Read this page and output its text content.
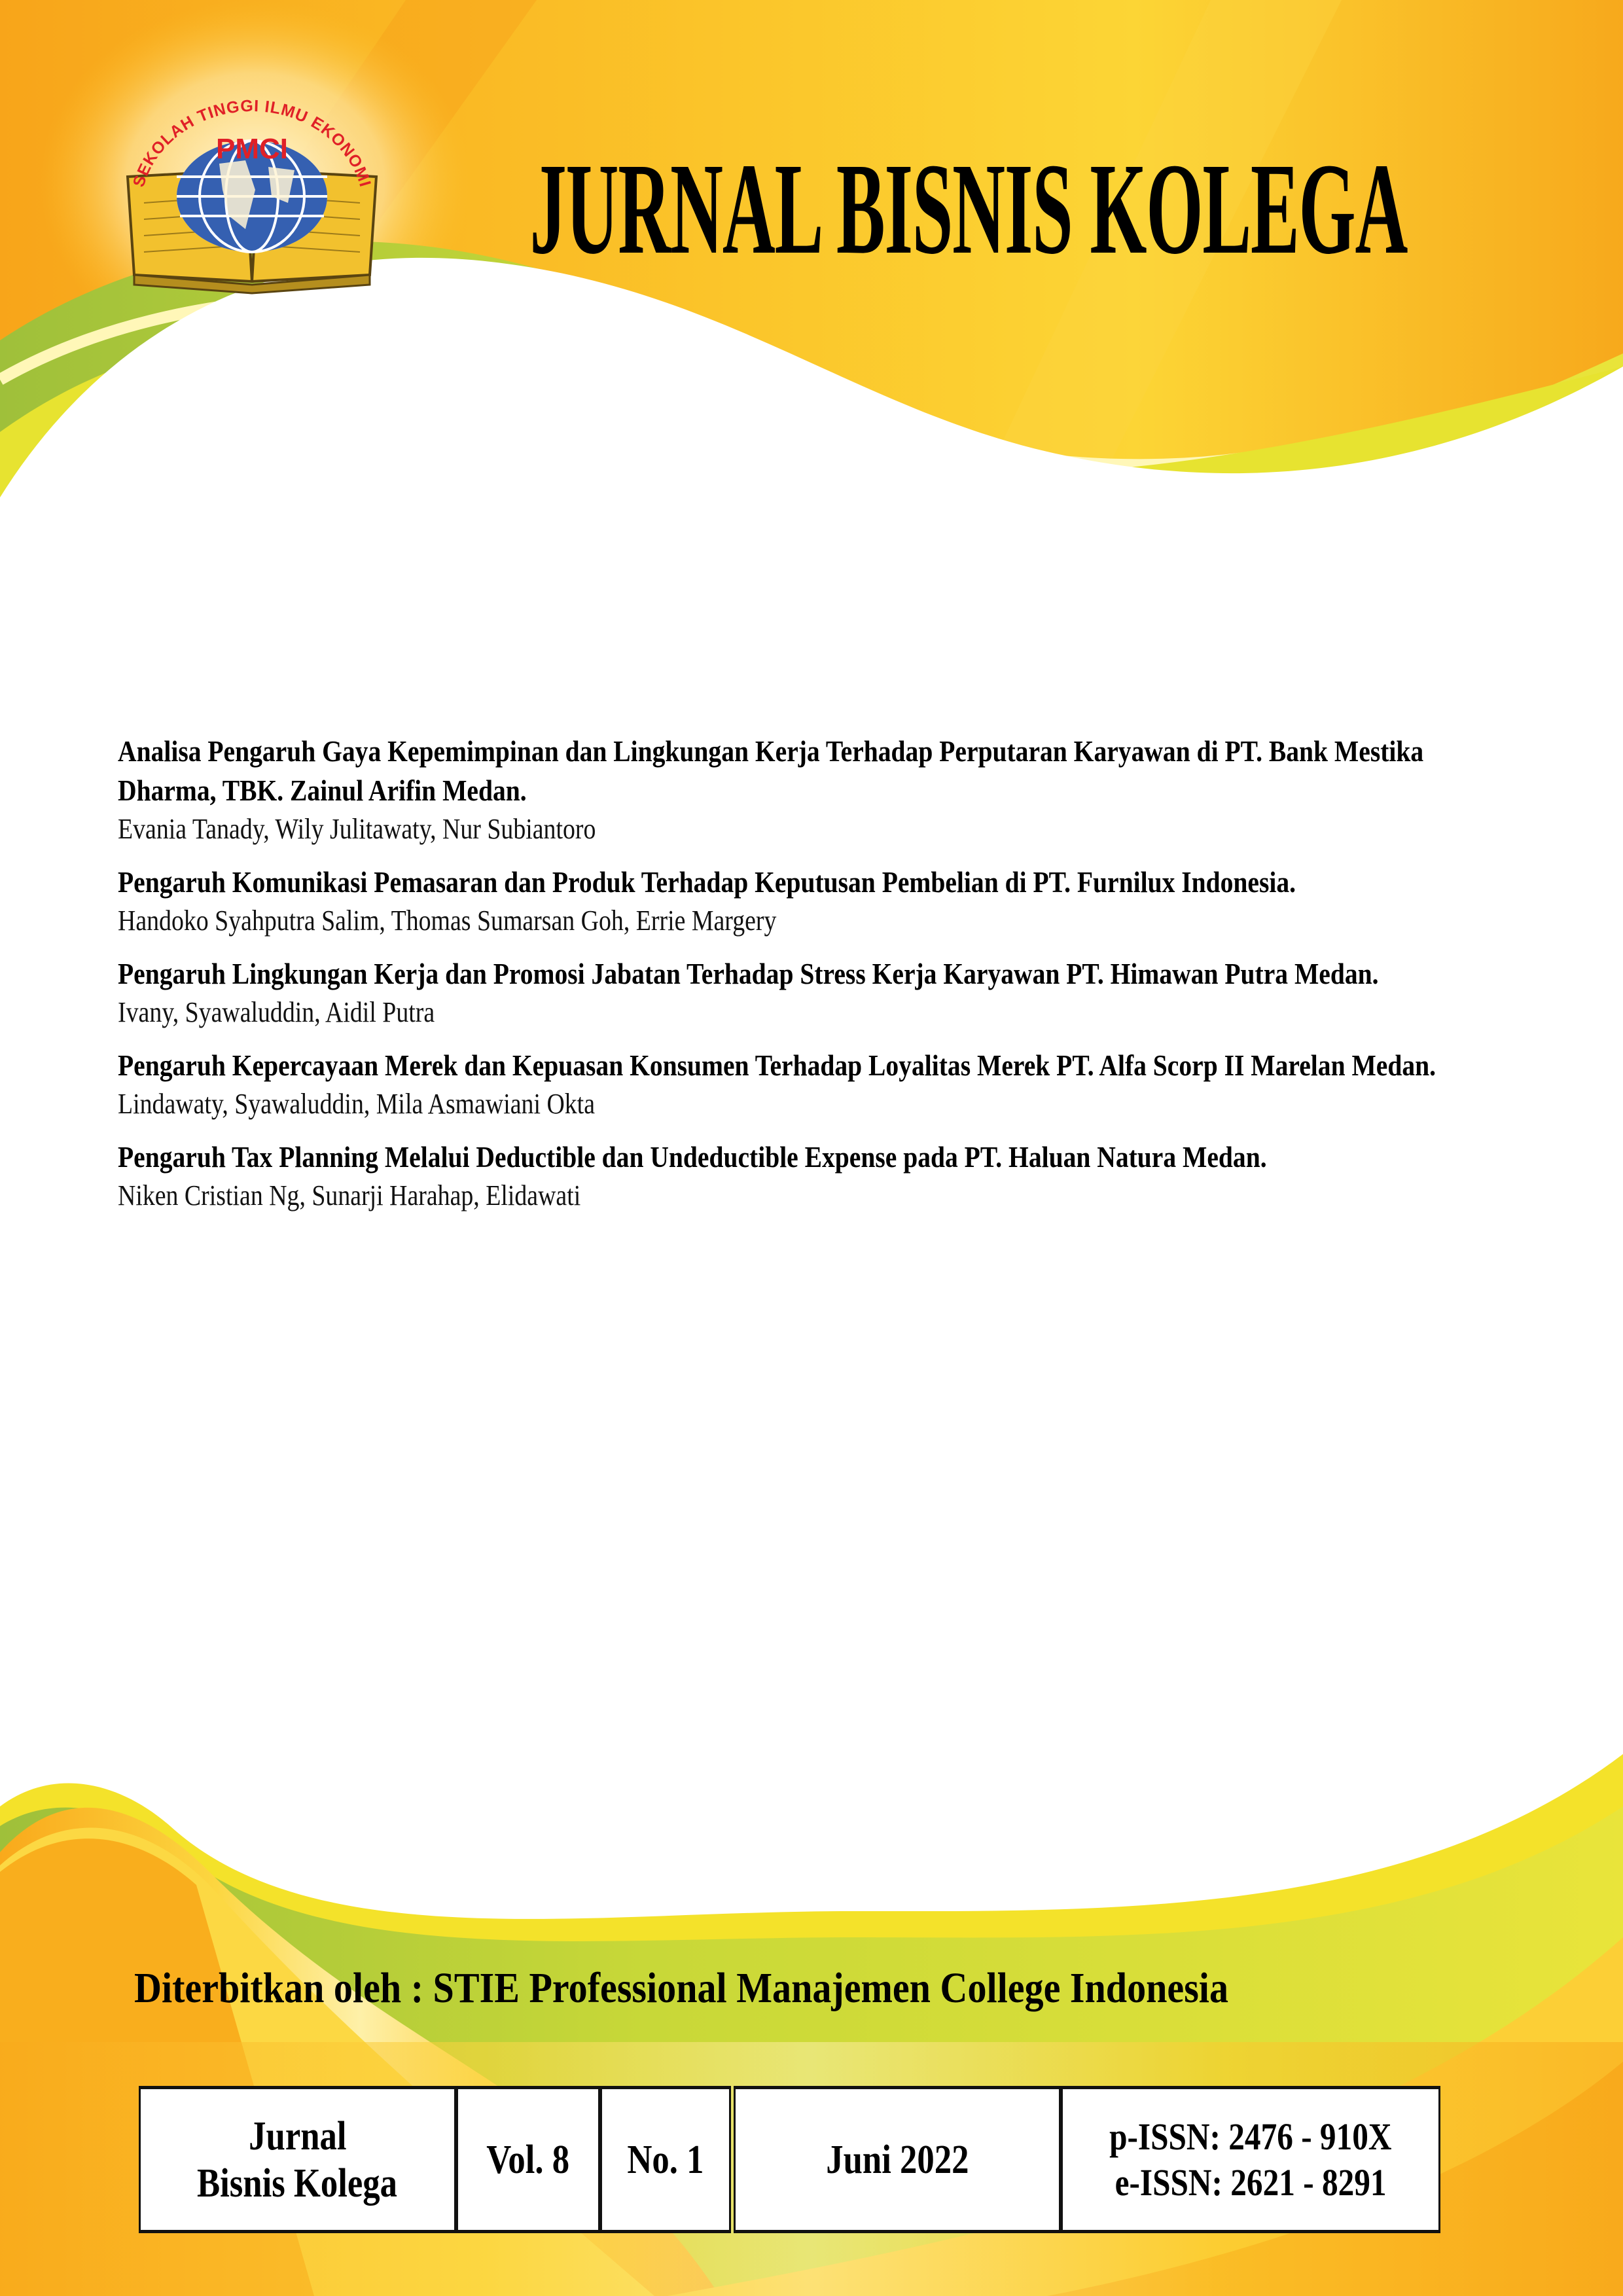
PMCI
SEKOLAH TINGGI ILMU EKONOMI JURNAL BISNIS KOLEGA
Analisa Pengaruh Gaya Kepemimpinan dan Lingkungan Kerja Terhadap Perputaran Karyawan di PT. Bank Mestika Dharma, TBK. Zainul Arifin Medan.
Evania Tanady, Wily Julitawaty, Nur Subiantoro
Pengaruh Komunikasi Pemasaran dan Produk Terhadap Keputusan Pembelian di PT. Furnilux Indonesia.
Handoko Syahputra Salim, Thomas Sumarsan Goh, Errie Margery
Pengaruh Lingkungan Kerja dan Promosi Jabatan Terhadap Stress Kerja Karyawan PT. Himawan Putra Medan.
Ivany, Syawaluddin, Aidil Putra
Pengaruh Kepercayaan Merek dan Kepuasan Konsumen Terhadap Loyalitas Merek PT. Alfa Scorp II Marelan Medan.
Lindawaty, Syawaluddin, Mila Asmawiani Okta
Pengaruh Tax Planning Melalui Deductible dan Undeductible Expense pada PT. Haluan Natura Medan.
Niken Cristian Ng, Sunarji Harahap, Elidawati
Diterbitkan oleh : STIE Professional Manajemen College Indonesia
Jurnal
Bisnis Kolega
Vol. 8 No. 1	Juni 2022
p-ISSN: 2476 - 910X
e-ISSN: 2621 - 8291
